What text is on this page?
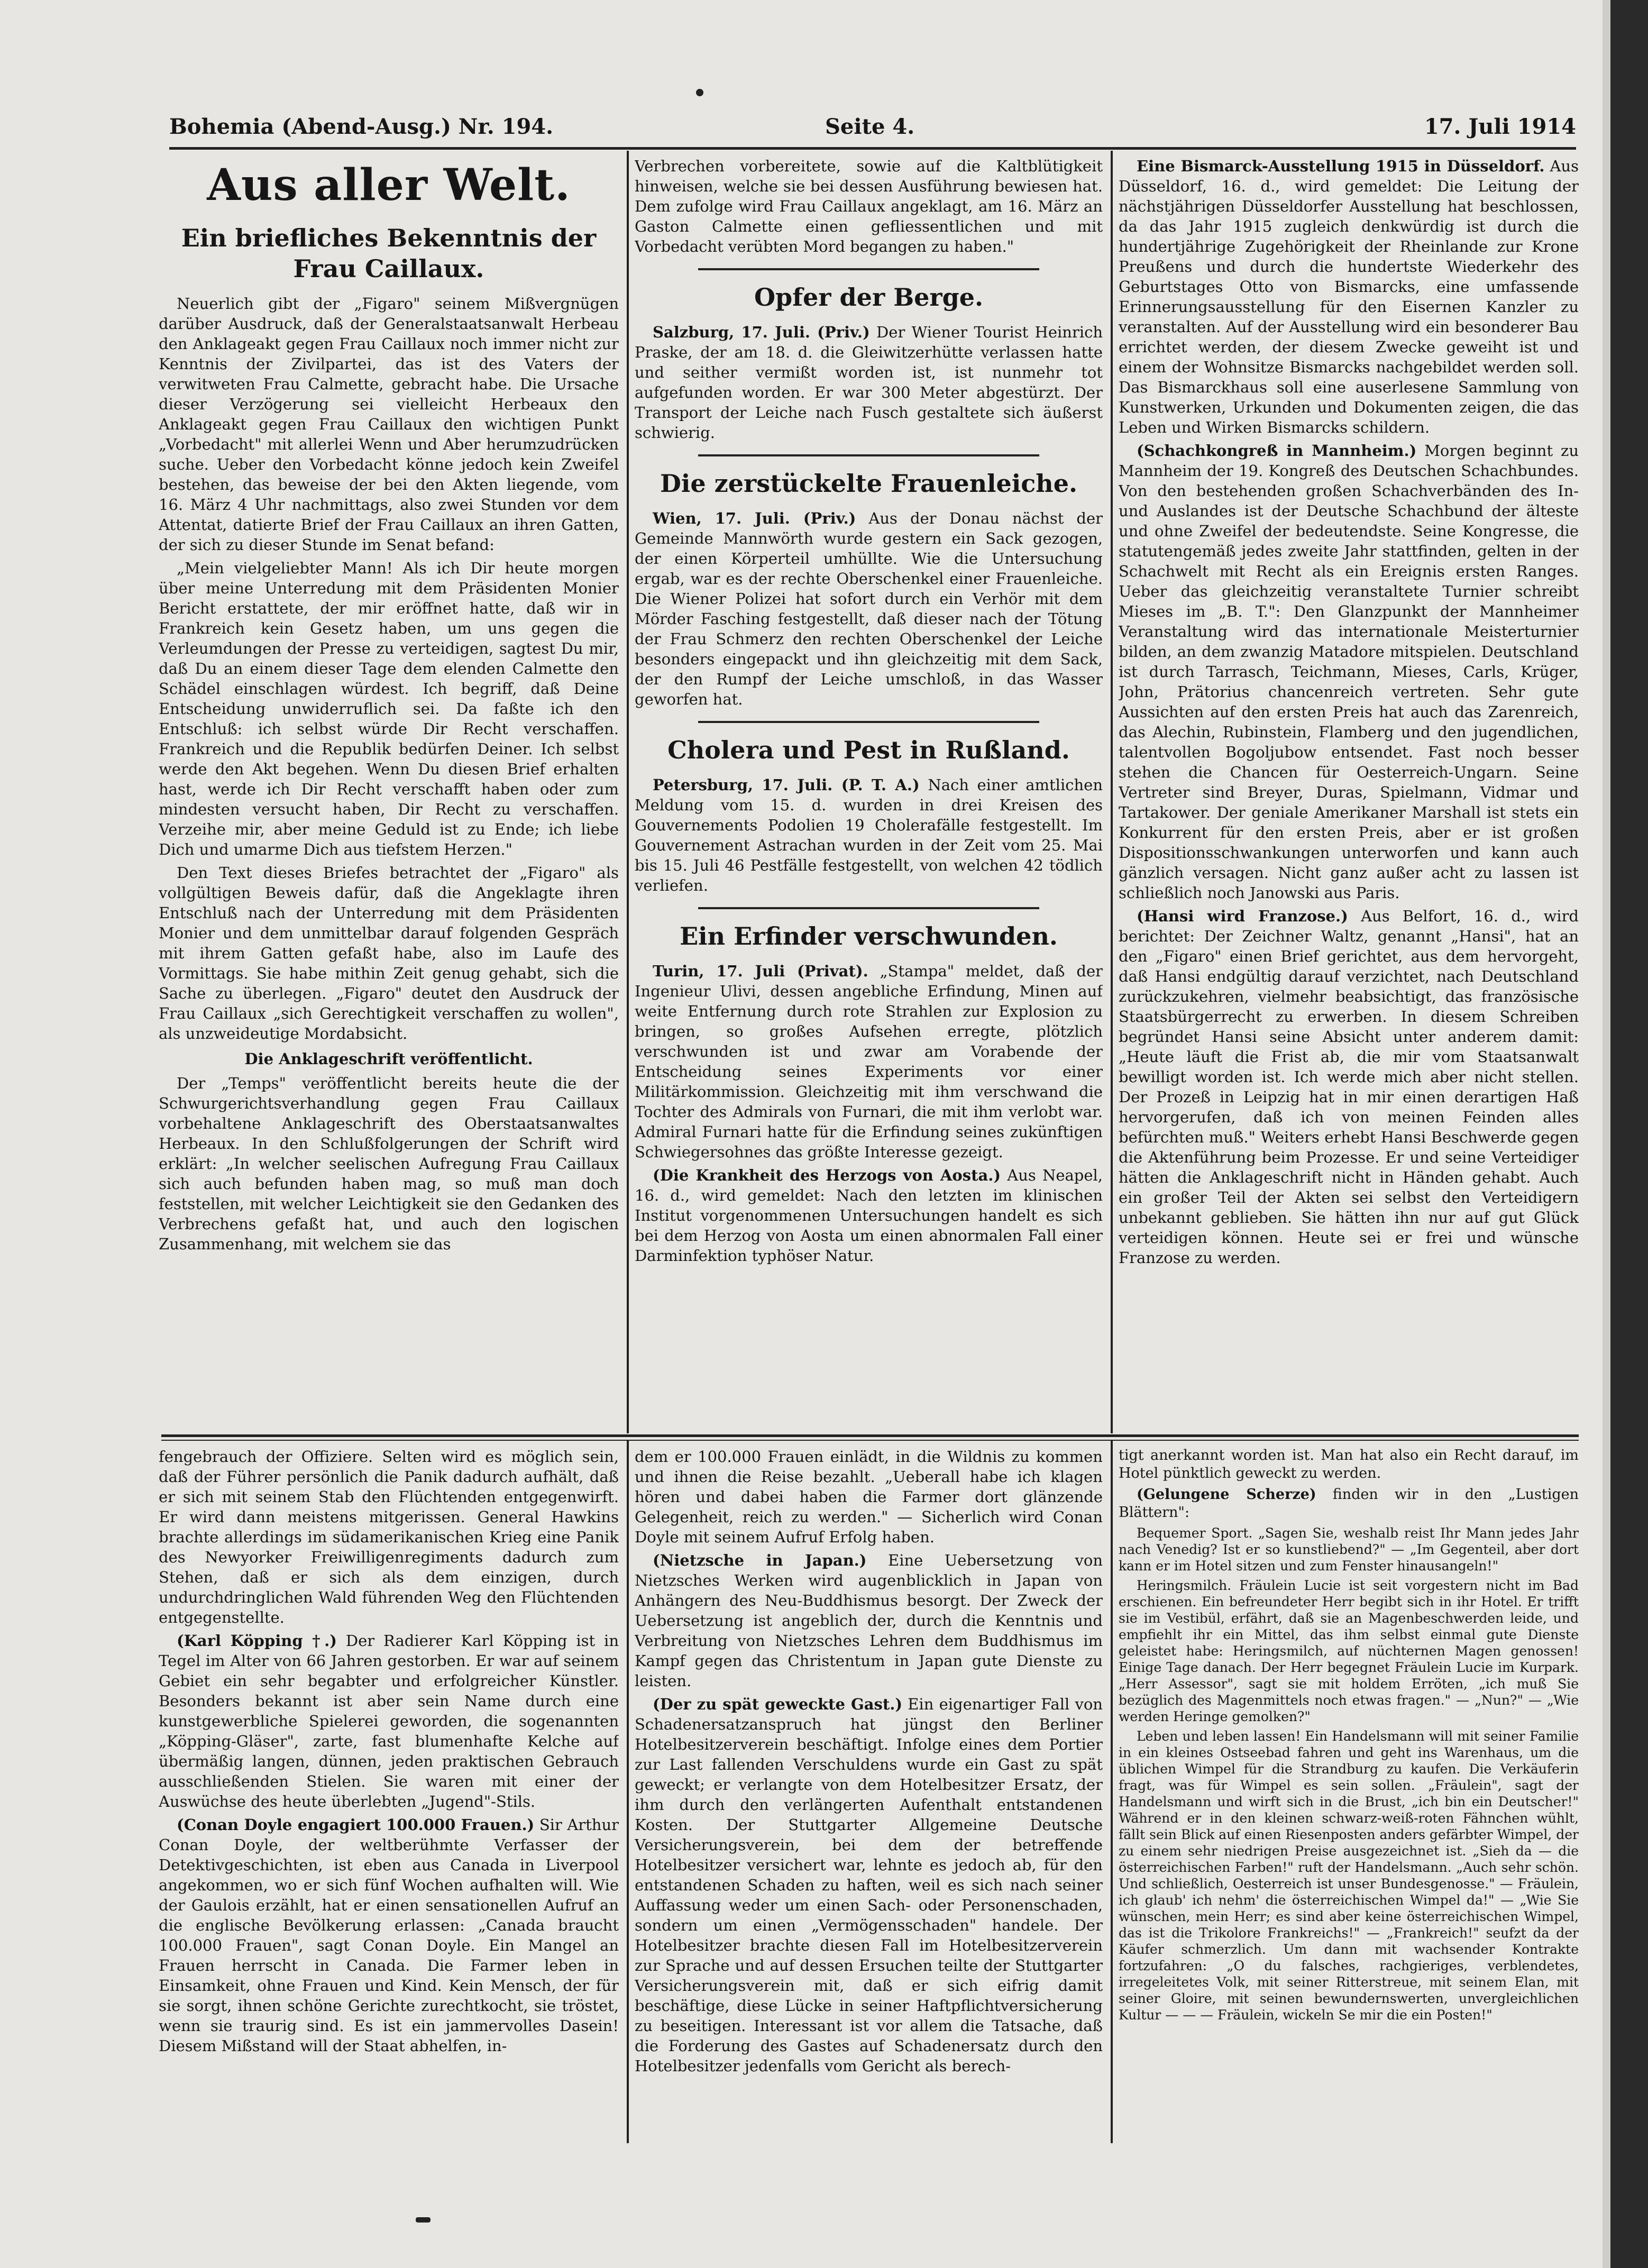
Bohemia (Abend-Ausg.) Nr. 194.	Seite 4.	17. Juli 1914
Aus aller Welt.
Ein briefliches Bekenntnis der Frau Caillaux.

Neuerlich gibt der „Figaro" seinem Mißvergnügen darüber Ausdruck, daß der Generalstaatsanwalt Herbeau den Anklageakt gegen Frau Caillaux noch immer nicht zur Kenntnis der Zivilpartei, das ist des Vaters der verwitweten Frau Calmette, gebracht habe. Die Ursache dieser Verzögerung sei vielleicht Herbeaux den Anklageakt gegen Frau Caillaux den wichtigen Punkt „Vorbedacht" mit allerlei Wenn und Aber herumzudrücken suche. Ueber den Vorbedacht könne jedoch kein Zweifel bestehen, das beweise der bei den Akten liegende, vom 16. März 4 Uhr nachmittags, also zwei Stunden vor dem Attentat, datierte Brief der Frau Caillaux an ihren Gatten, der sich zu dieser Stunde im Senat befand:

„Mein vielgeliebter Mann! Als ich Dir heute morgen über meine Unterredung mit dem Präsidenten Monier Bericht erstattete, der mir eröffnet hatte, daß wir in Frankreich kein Gesetz haben, um uns gegen die Verleumdungen der Presse zu verteidigen, sagtest Du mir, daß Du an einem dieser Tage dem elenden Calmette den Schädel einschlagen würdest. Ich begriff, daß Deine Entscheidung unwiderruflich sei. Da faßte ich den Entschluß: ich selbst würde Dir Recht verschaffen. Frankreich und die Republik bedürfen Deiner. Ich selbst werde den Akt begehen. Wenn Du diesen Brief erhalten hast, werde ich Dir Recht verschafft haben oder zum mindesten versucht haben, Dir Recht zu verschaffen. Verzeihe mir, aber meine Geduld ist zu Ende; ich liebe Dich und umarme Dich aus tiefstem Herzen."

Den Text dieses Briefes betrachtet der „Figaro" als vollgültigen Beweis dafür, daß die Angeklagte ihren Entschluß nach der Unterredung mit dem Präsidenten Monier und dem unmittelbar darauf folgenden Gespräch mit ihrem Gatten gefaßt habe, also im Laufe des Vormittags. Sie habe mithin Zeit genug gehabt, sich die Sache zu überlegen. „Figaro" deutet den Ausdruck der Frau Caillaux „sich Gerechtigkeit verschaffen zu wollen", als unzweideutige Mordabsicht.

Die Anklageschrift veröffentlicht.

Der „Temps" veröffentlicht bereits heute die der Schwurgerichtsverhandlung gegen Frau Caillaux vorbehaltene Anklageschrift des Oberstaatsanwaltes Herbeaux. In den Schlußfolgerungen der Schrift wird erklärt: „In welcher seelischen Aufregung Frau Caillaux sich auch befunden haben mag, so muß man doch feststellen, mit welcher Leichtigkeit sie den Gedanken des Verbrechens gefaßt hat, und auch den logischen Zusammenhang, mit welchem sie das

Verbrechen vorbereitete, sowie auf die Kaltblütigkeit hinweisen, welche sie bei dessen Ausführung bewiesen hat. Dem zufolge wird Frau Caillaux angeklagt, am 16. März an Gaston Calmette einen gefliessentlichen und mit Vorbedacht verübten Mord begangen zu haben."

Opfer der Berge.

Salzburg, 17. Juli. (Priv.) Der Wiener Tourist Heinrich Praske, der am 18. d. die Gleiwitzerhütte verlassen hatte und seither vermißt worden ist, ist nunmehr tot aufgefunden worden. Er war 300 Meter abgestürzt. Der Transport der Leiche nach Fusch gestaltete sich äußerst schwierig.

Die zerstückelte Frauenleiche.

Wien, 17. Juli. (Priv.) Aus der Donau nächst der Gemeinde Mannwörth wurde gestern ein Sack gezogen, der einen Körperteil umhüllte. Wie die Untersuchung ergab, war es der rechte Oberschenkel einer Frauenleiche. Die Wiener Polizei hat sofort durch ein Verhör mit dem Mörder Fasching festgestellt, daß dieser nach der Tötung der Frau Schmerz den rechten Oberschenkel der Leiche besonders eingepackt und ihn gleichzeitig mit dem Sack, der den Rumpf der Leiche umschloß, in das Wasser geworfen hat.

Cholera und Pest in Rußland.

Petersburg, 17. Juli. (P. T. A.) Nach einer amtlichen Meldung vom 15. d. wurden in drei Kreisen des Gouvernements Podolien 19 Cholerafälle festgestellt. Im Gouvernement Astrachan wurden in der Zeit vom 25. Mai bis 15. Juli 46 Pestfälle festgestellt, von welchen 42 tödlich verliefen.

Ein Erfinder verschwunden.

Turin, 17. Juli (Privat). „Stampa" meldet, daß der Ingenieur Ulivi, dessen angebliche Erfindung, Minen auf weite Entfernung durch rote Strahlen zur Explosion zu bringen, so großes Aufsehen erregte, plötzlich verschwunden ist und zwar am Vorabende der Entscheidung seines Experiments vor einer Militärkommission. Gleichzeitig mit ihm verschwand die Tochter des Admirals von Furnari, die mit ihm verlobt war. Admiral Furnari hatte für die Erfindung seines zukünftigen Schwiegersohnes das größte Interesse gezeigt.

(Die Krankheit des Herzogs von Aosta.) Aus Neapel, 16. d., wird gemeldet: Nach den letzten im klinischen Institut vorgenommenen Untersuchungen handelt es sich bei dem Herzog von Aosta um einen abnormalen Fall einer Darminfektion typhöser Natur.

Eine Bismarck-Ausstellung 1915 in Düsseldorf. Aus Düsseldorf, 16. d., wird gemeldet: Die Leitung der nächstjährigen Düsseldorfer Ausstellung hat beschlossen, da das Jahr 1915 zugleich denkwürdig ist durch die hundertjährige Zugehörigkeit der Rheinlande zur Krone Preußens und durch die hundertste Wiederkehr des Geburtstages Otto von Bismarcks, eine umfassende Erinnerungsausstellung für den Eisernen Kanzler zu veranstalten. Auf der Ausstellung wird ein besonderer Bau errichtet werden, der diesem Zwecke geweiht ist und einem der Wohnsitze Bismarcks nachgebildet werden soll. Das Bismarckhaus soll eine auserlesene Sammlung von Kunstwerken, Urkunden und Dokumenten zeigen, die das Leben und Wirken Bismarcks schildern.

(Schachkongreß in Mannheim.) Morgen beginnt zu Mannheim der 19. Kongreß des Deutschen Schachbundes. Von den bestehenden großen Schachverbänden des In- und Auslandes ist der Deutsche Schachbund der älteste und ohne Zweifel der bedeutendste. Seine Kongresse, die statutengemäß jedes zweite Jahr stattfinden, gelten in der Schachwelt mit Recht als ein Ereignis ersten Ranges. Ueber das gleichzeitig veranstaltete Turnier schreibt Mieses im „B. T.": Den Glanzpunkt der Mannheimer Veranstaltung wird das internationale Meisterturnier bilden, an dem zwanzig Matadore mitspielen. Deutschland ist durch Tarrasch, Teichmann, Mieses, Carls, Krüger, John, Prätorius chancenreich vertreten. Sehr gute Aussichten auf den ersten Preis hat auch das Zarenreich, das Alechin, Rubinstein, Flamberg und den jugendlichen, talentvollen Bogoljubow entsendet. Fast noch besser stehen die Chancen für Oesterreich-Ungarn. Seine Vertreter sind Breyer, Duras, Spielmann, Vidmar und Tartakower. Der geniale Amerikaner Marshall ist stets ein Konkurrent für den ersten Preis, aber er ist großen Dispositionsschwankungen unterworfen und kann auch gänzlich versagen. Nicht ganz außer acht zu lassen ist schließlich noch Janowski aus Paris.

(Hansi wird Franzose.) Aus Belfort, 16. d., wird berichtet: Der Zeichner Waltz, genannt „Hansi", hat an den „Figaro" einen Brief gerichtet, aus dem hervorgeht, daß Hansi endgültig darauf verzichtet, nach Deutschland zurückzukehren, vielmehr beabsichtigt, das französische Staatsbürgerrecht zu erwerben. In diesem Schreiben begründet Hansi seine Absicht unter anderem damit: „Heute läuft die Frist ab, die mir vom Staatsanwalt bewilligt worden ist. Ich werde mich aber nicht stellen. Der Prozeß in Leipzig hat in mir einen derartigen Haß hervorgerufen, daß ich von meinen Feinden alles befürchten muß." Weiters erhebt Hansi Beschwerde gegen die Aktenführung beim Prozesse. Er und seine Verteidiger hätten die Anklageschrift nicht in Händen gehabt. Auch ein großer Teil der Akten sei selbst den Verteidigern unbekannt geblieben. Sie hätten ihn nur auf gut Glück verteidigen können. Heute sei er frei und wünsche Franzose zu werden.

fengebrauch der Offiziere. Selten wird es möglich sein, daß der Führer persönlich die Panik dadurch aufhält, daß er sich mit seinem Stab den Flüchtenden entgegenwirft. Er wird dann meistens mitgerissen. General Hawkins brachte allerdings im südamerikanischen Krieg eine Panik des Newyorker Freiwilligenregiments dadurch zum Stehen, daß er sich als dem einzigen, durch undurchdringlichen Wald führenden Weg den Flüchtenden entgegenstellte.

(Karl Köpping †.) Der Radierer Karl Köpping ist in Tegel im Alter von 66 Jahren gestorben. Er war auf seinem Gebiet ein sehr begabter und erfolgreicher Künstler. Besonders bekannt ist aber sein Name durch eine kunstgewerbliche Spielerei geworden, die sogenannten „Köpping-Gläser", zarte, fast blumenhafte Kelche auf übermäßig langen, dünnen, jeden praktischen Gebrauch ausschließenden Stielen. Sie waren mit einer der Auswüchse des heute überlebten „Jugend"-Stils.

(Conan Doyle engagiert 100.000 Frauen.) Sir Arthur Conan Doyle, der weltberühmte Verfasser der Detektivgeschichten, ist eben aus Canada in Liverpool angekommen, wo er sich fünf Wochen aufhalten will. Wie der Gaulois erzählt, hat er einen sensationellen Aufruf an die englische Bevölkerung erlassen: „Canada braucht 100.000 Frauen", sagt Conan Doyle. Ein Mangel an Frauen herrscht in Canada. Die Farmer leben in Einsamkeit, ohne Frauen und Kind. Kein Mensch, der für sie sorgt, ihnen schöne Gerichte zurechtkocht, sie tröstet, wenn sie traurig sind. Es ist ein jammervolles Dasein! Diesem Mißstand will der Staat abhelfen, in-

dem er 100.000 Frauen einlädt, in die Wildnis zu kommen und ihnen die Reise bezahlt. „Ueberall habe ich klagen hören und dabei haben die Farmer dort glänzende Gelegenheit, reich zu werden." — Sicherlich wird Conan Doyle mit seinem Aufruf Erfolg haben.

(Nietzsche in Japan.) Eine Uebersetzung von Nietzsches Werken wird augenblicklich in Japan von Anhängern des Neu-Buddhismus besorgt. Der Zweck der Uebersetzung ist angeblich der, durch die Kenntnis und Verbreitung von Nietzsches Lehren dem Buddhismus im Kampf gegen das Christentum in Japan gute Dienste zu leisten.

(Der zu spät geweckte Gast.) Ein eigenartiger Fall von Schadenersatzanspruch hat jüngst den Berliner Hotelbesitzerverein beschäftigt. Infolge eines dem Portier zur Last fallenden Verschuldens wurde ein Gast zu spät geweckt; er verlangte von dem Hotelbesitzer Ersatz, der ihm durch den verlängerten Aufenthalt entstandenen Kosten. Der Stuttgarter Allgemeine Deutsche Versicherungsverein, bei dem der betreffende Hotelbesitzer versichert war, lehnte es jedoch ab, für den entstandenen Schaden zu haften, weil es sich nach seiner Auffassung weder um einen Sach- oder Personenschaden, sondern um einen „Vermögensschaden" handele. Der Hotelbesitzer brachte diesen Fall im Hotelbesitzerverein zur Sprache und auf dessen Ersuchen teilte der Stuttgarter Versicherungsverein mit, daß er sich eifrig damit beschäftige, diese Lücke in seiner Haftpflichtversicherung zu beseitigen. Interessant ist vor allem die Tatsache, daß die Forderung des Gastes auf Schadenersatz durch den Hotelbesitzer jedenfalls vom Gericht als berech-

tigt anerkannt worden ist. Man hat also ein Recht darauf, im Hotel pünktlich geweckt zu werden.

(Gelungene Scherze) finden wir in den „Lustigen Blättern":

Bequemer Sport. „Sagen Sie, weshalb reist Ihr Mann jedes Jahr nach Venedig? Ist er so kunstliebend?" — „Im Gegenteil, aber dort kann er im Hotel sitzen und zum Fenster hinausangeln!"

Heringsmilch. Fräulein Lucie ist seit vorgestern nicht im Bad erschienen. Ein befreundeter Herr begibt sich in ihr Hotel. Er trifft sie im Vestibül, erfährt, daß sie an Magenbeschwerden leide, und empfiehlt ihr ein Mittel, das ihm selbst einmal gute Dienste geleistet habe: Heringsmilch, auf nüchternen Magen genossen! Einige Tage danach. Der Herr begegnet Fräulein Lucie im Kurpark. „Herr Assessor", sagt sie mit holdem Erröten, „ich muß Sie bezüglich des Magenmittels noch etwas fragen." — „Nun?" — „Wie werden Heringe gemolken?"

Leben und leben lassen! Ein Handelsmann will mit seiner Familie in ein kleines Ostseebad fahren und geht ins Warenhaus, um die üblichen Wimpel für die Strandburg zu kaufen. Die Verkäuferin fragt, was für Wimpel es sein sollen. „Fräulein", sagt der Handelsmann und wirft sich in die Brust, „ich bin ein Deutscher!" Während er in den kleinen schwarz-weiß-roten Fähnchen wühlt, fällt sein Blick auf einen Riesenposten anders gefärbter Wimpel, der zu einem sehr niedrigen Preise ausgezeichnet ist. „Sieh da — die österreichischen Farben!" ruft der Handelsmann. „Auch sehr schön. Und schließlich, Oesterreich ist unser Bundesgenosse." — Fräulein, ich glaub' ich nehm' die österreichischen Wimpel da!" — „Wie Sie wünschen, mein Herr; es sind aber keine österreichischen Wimpel, das ist die Trikolore Frankreichs!" — „Frankreich!" seufzt da der Käufer schmerzlich. Um dann mit wachsender Kontrakte fortzufahren: „O du falsches, rachgieriges, verblendetes, irregeleitetes Volk, mit seiner Ritterstreue, mit seinem Elan, mit seiner Gloire, mit seinen bewundernswerten, unvergleichlichen Kultur — — — Fräulein, wickeln Se mir die ein Posten!"
